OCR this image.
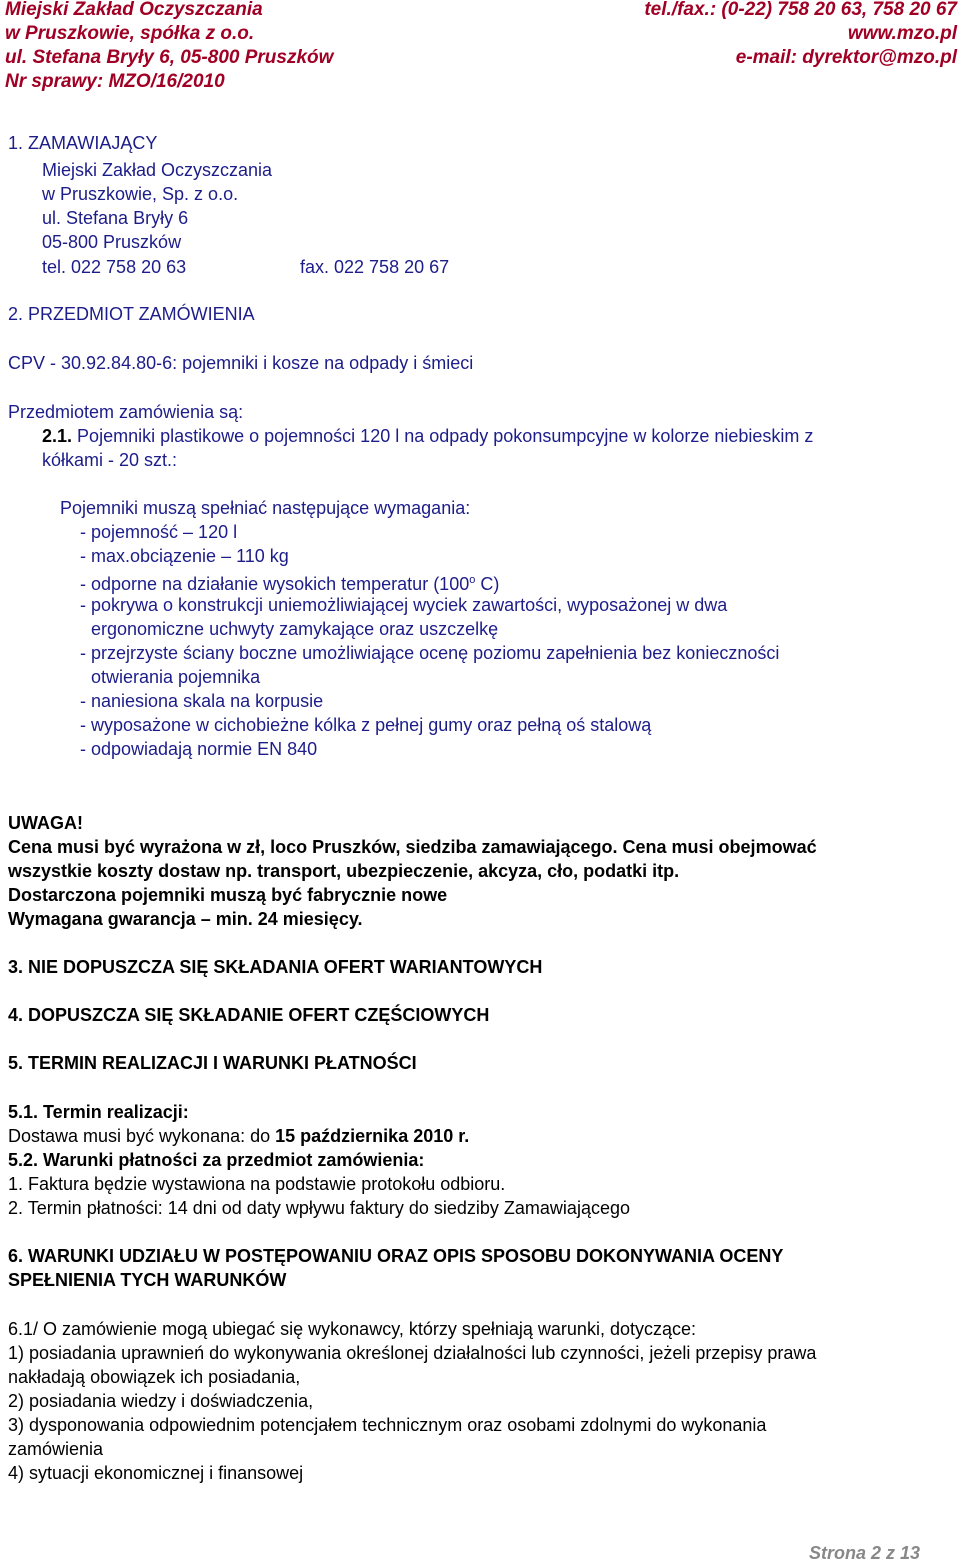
Miejski Zakład Oczyszczania
w Pruszkowie, spółka z o.o.
ul. Stefana Bryły 6, 05-800 Pruszków
Nr sprawy: MZO/16/2010
tel./fax.: (0-22) 758 20 63, 758 20 67
www.mzo.pl
e-mail: dyrektor@mzo.pl
1. ZAMAWIAJĄCY
Miejski Zakład Oczyszczania
w Pruszkowie, Sp. z o.o.
ul. Stefana Bryły 6
05-800 Pruszków
tel. 022 758 20 63	fax. 022 758 20 67
2. PRZEDMIOT ZAMÓWIENIA
CPV - 30.92.84.80-6: pojemniki i kosze na odpady i śmieci
Przedmiotem zamówienia są:
2.1. Pojemniki plastikowe o pojemności 120 l na odpady pokonsumpcyjne w kolorze niebieskim z
kółkami - 20 szt.:
Pojemniki muszą spełniać następujące wymagania:
- pojemność – 120 l
- max.obciązenie – 110 kg
- odporne na działanie wysokich temperatur (100$^o$ C)
- pokrywa o konstrukcji uniemożliwiającej wyciek zawartości, wyposażonej w dwa
ergonomiczne uchwyty zamykające oraz uszczelkę
- przejrzyste ściany boczne umożliwiające ocenę poziomu zapełnienia bez konieczności
otwierania pojemnika
- naniesiona skala na korpusie
- wyposażone w cichobieżne kólka z pełnej gumy oraz pełną oś stalową
- odpowiadają normie EN 840
UWAGA!
Cena musi być wyrażona w zł, loco Pruszków, siedziba zamawiającego. Cena musi obejmować
wszystkie koszty dostaw np. transport, ubezpieczenie, akcyza, cło, podatki itp.
Dostarczona pojemniki muszą być fabrycznie nowe
Wymagana gwarancja – min. 24 miesięcy.
3. NIE DOPUSZCZA SIĘ SKŁADANIA OFERT WARIANTOWYCH
4. DOPUSZCZA SIĘ SKŁADANIE OFERT CZĘŚCIOWYCH
5. TERMIN REALIZACJI I WARUNKI PŁATNOŚCI
5.1. Termin realizacji:
Dostawa musi być wykonana: do 15 października 2010 r.
5.2. Warunki płatności za przedmiot zamówienia:
1. Faktura będzie wystawiona na podstawie protokołu odbioru.
2. Termin płatności: 14 dni od daty wpływu faktury do siedziby Zamawiającego
6. WARUNKI UDZIAŁU W POSTĘPOWANIU ORAZ OPIS SPOSOBU DOKONYWANIA OCENY
SPEŁNIENIA TYCH WARUNKÓW
6.1/ O zamówienie mogą ubiegać się wykonawcy, którzy spełniają warunki, dotyczące:
1) posiadania uprawnień do wykonywania określonej działalności lub czynności, jeżeli przepisy prawa
nakładają obowiązek ich posiadania,
2) posiadania wiedzy i doświadczenia,
3) dysponowania odpowiednim potencjałem technicznym oraz osobami zdolnymi do wykonania
zamówienia
4) sytuacji ekonomicznej i finansowej
Strona 2 z 13
